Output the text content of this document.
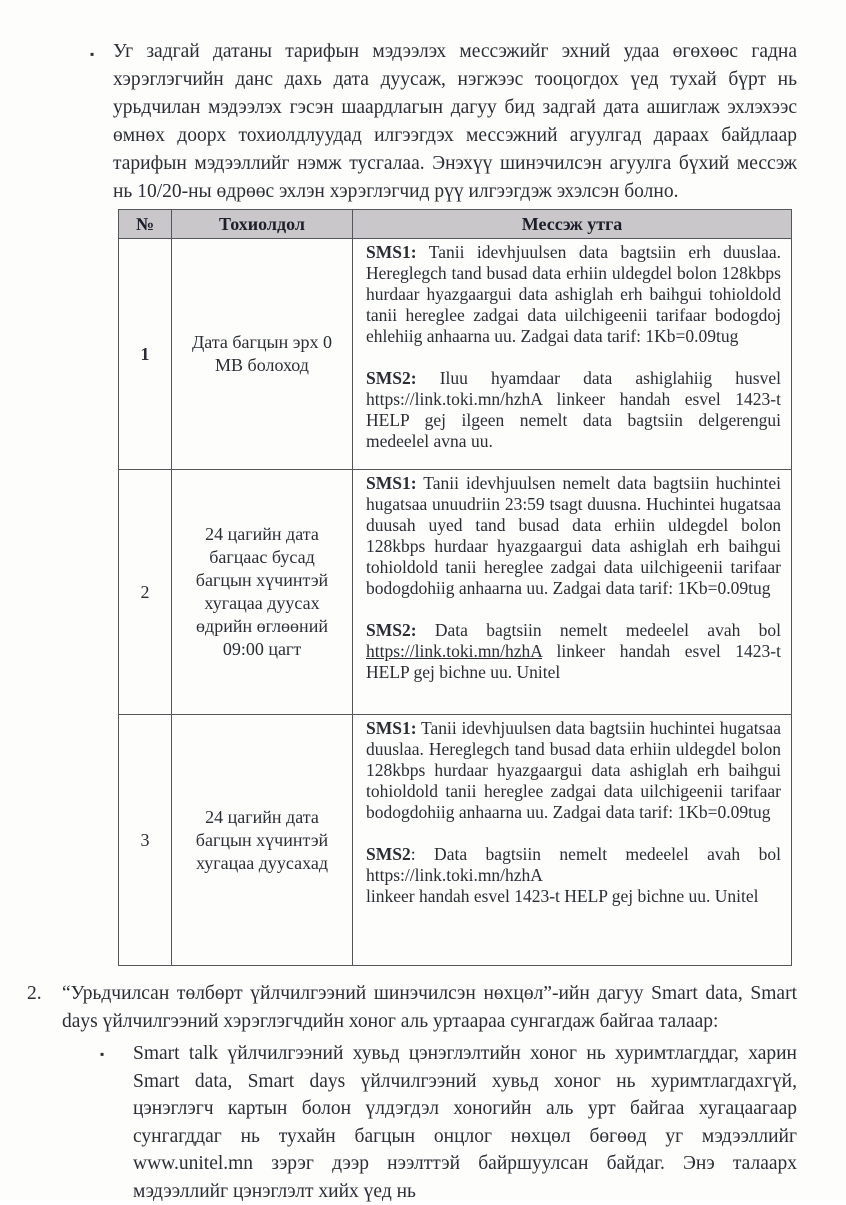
▪ Уг задгай датаны тарифын мэдээлэх мессэжийг эхний удаа өгөхөөс гадна хэрэглэгчийн данс дахь дата дуусаж, нэгжээс тооцогдох үед тухай бүрт нь урьдчилан мэдээлэх гэсэн шаардлагын дагуу бид задгай дата ашиглаж эхлэхээс өмнөх доорх тохиолдлуудад илгээгдэх мессэжний агуулгад дараах байдлаар тарифын мэдээллийг нэмж тусгалаа. Энэхүү шинэчилсэн агуулга бүхий мессэж нь 10/20-ны өдрөөс эхлэн хэрэглэгчид рүү илгээгдэж эхэлсэн болно.

№	Тохиолдол	Мессэж утга
1	Дата багцын эрх 0 MB болоход	SMS1: Tanii idevhjuulsen data bagtsiin erh duuslaa. Hereglegch tand busad data erhiin uldegdel bolon 128kbps hurdaar hyazgaargui data ashiglah erh baihgui tohioldold tanii hereglee zadgai data uilchigeenii tarifaar bodogdoj ehlehiig anhaarna uu. Zadgai data tarif: 1Kb=0.09tug

SMS2: Iluu hyamdaar data ashiglahiig husvel https://link.toki.mn/hzhA linkeer handah esvel 1423-t HELP gej ilgeen nemelt data bagtsiin delgerengui medeelel avna uu.

2	24 цагийн дата багцаас бусад багцын хүчинтэй хугацаа дуусах өдрийн өглөөний 09:00 цагт	SMS1: Tanii idevhjuulsen nemelt data bagtsiin huchintei hugatsaa unuudriin 23:59 tsagt duusna. Huchintei hugatsaa duusah uyed tand busad data erhiin uldegdel bolon 128kbps hurdaar hyazgaargui data ashiglah erh baihgui tohioldold tanii hereglee zadgai data uilchigeenii tarifaar bodogdohiig anhaarna uu. Zadgai data tarif: 1Kb=0.09tug

SMS2: Data bagtsiin nemelt medeelel avah bol https://link.toki.mn/hzhA linkeer handah esvel 1423-t HELP gej bichne uu. Unitel

3	24 цагийн дата багцын хүчинтэй хугацаа дуусахад	SMS1: Tanii idevhjuulsen data bagtsiin huchintei hugatsaa duuslaa. Hereglegch tand busad data erhiin uldegdel bolon 128kbps hurdaar hyazgaargui data ashiglah erh baihgui tohioldold tanii hereglee zadgai data uilchigeenii tarifaar bodogdohiig anhaarna uu. Zadgai data tarif: 1Kb=0.09tug

SMS2: Data bagtsiin nemelt medeelel avah bol https://link.toki.mn/hzhA
linkeer handah esvel 1423-t HELP gej bichne uu. Unitel

2.	“Урьдчилсан төлбөрт үйлчилгээний шинэчилсэн нөхцөл”-ийн дагуу Smart data, Smart days үйлчилгээний хэрэглэгчдийн хоног аль уртаараа сунгагдаж байгаа талаар:

▪	Smart talk үйлчилгээний хувьд цэнэглэлтийн хоног нь хуримтлагддаг, харин Smart data, Smart days үйлчилгээний хувьд хоног нь хуримтлагдахгүй, цэнэглэгч картын болон үлдэгдэл хоногийн аль урт байгаа хугацаагаар сунгагддаг нь тухайн багцын онцлог нөхцөл бөгөөд уг мэдээллийг www.unitel.mn зэрэг дээр нээлттэй байршуулсан байдаг. Энэ талаарх мэдээллийг цэнэглэлт хийх үед нь
